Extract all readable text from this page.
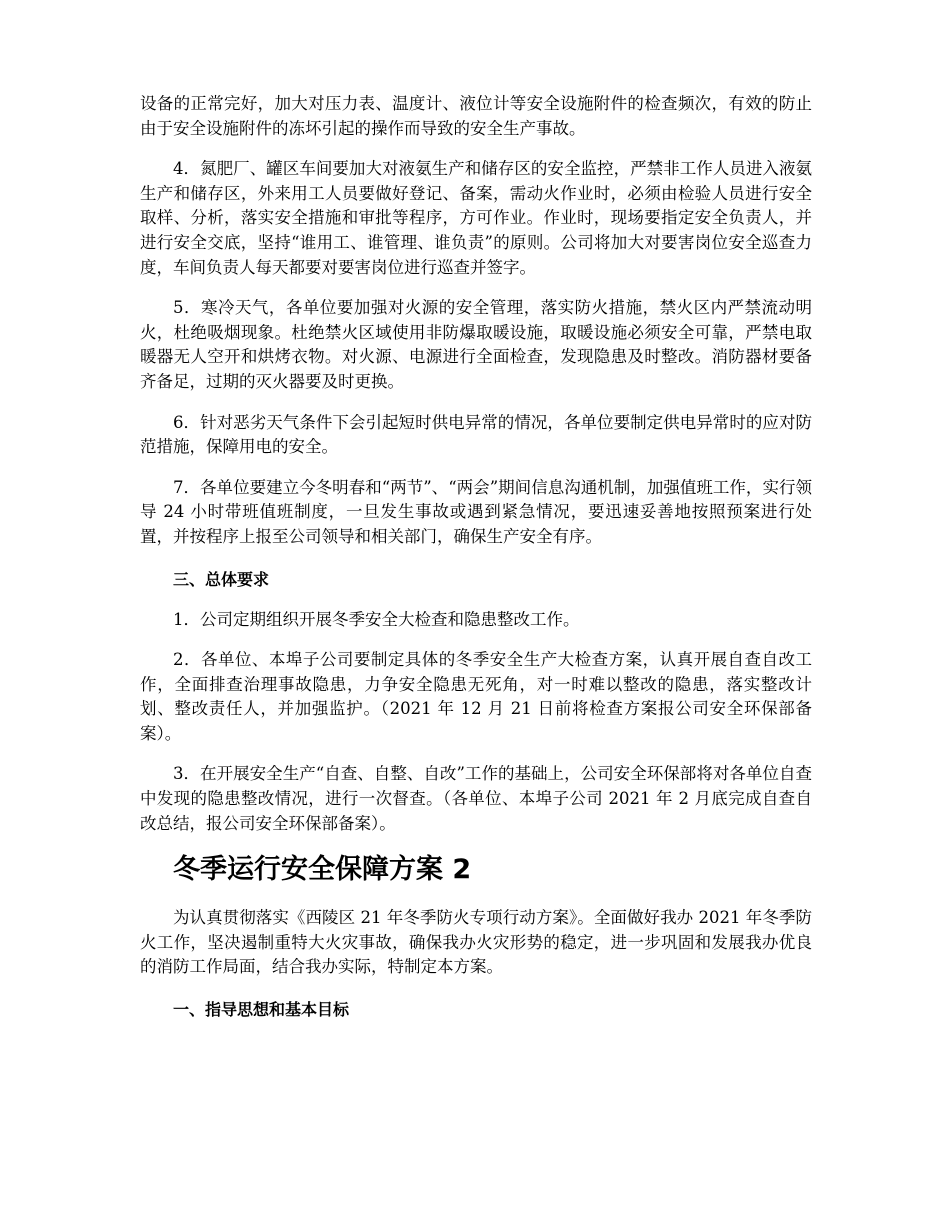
设备的正常完好，加大对压力表、温度计、液位计等安全设施附件的检查频次，有效的防止由于安全设施附件的冻坏引起的操作而导致的安全生产事故。

4．氮肥厂、罐区车间要加大对液氨生产和储存区的安全监控，严禁非工作人员进入液氨生产和储存区，外来用工人员要做好登记、备案，需动火作业时，必须由检验人员进行安全取样、分析，落实安全措施和审批等程序，方可作业。作业时，现场要指定安全负责人，并进行安全交底，坚持“谁用工、谁管理、谁负责”的原则。公司将加大对要害岗位安全巡查力度，车间负责人每天都要对要害岗位进行巡查并签字。

5．寒冷天气，各单位要加强对火源的安全管理，落实防火措施，禁火区内严禁流动明火，杜绝吸烟现象。杜绝禁火区域使用非防爆取暖设施，取暖设施必须安全可靠，严禁电取暖器无人空开和烘烤衣物。对火源、电源进行全面检查，发现隐患及时整改。消防器材要备齐备足，过期的灭火器要及时更换。

6．针对恶劣天气条件下会引起短时供电异常的情况，各单位要制定供电异常时的应对防范措施，保障用电的安全。

7．各单位要建立今冬明春和“两节”、“两会”期间信息沟通机制，加强值班工作，实行领导 24 小时带班值班制度，一旦发生事故或遇到紧急情况，要迅速妥善地按照预案进行处置，并按程序上报至公司领导和相关部门，确保生产安全有序。

三、总体要求

1．公司定期组织开展冬季安全大检查和隐患整改工作。

2．各单位、本埠子公司要制定具体的冬季安全生产大检查方案，认真开展自查自改工作，全面排查治理事故隐患，力争安全隐患无死角，对一时难以整改的隐患，落实整改计划、整改责任人，并加强监护。（2021 年 12 月 21 日前将检查方案报公司安全环保部备案）。

3．在开展安全生产“自查、自整、自改”工作的基础上，公司安全环保部将对各单位自查中发现的隐患整改情况，进行一次督查。（各单位、本埠子公司 2021 年 2 月底完成自查自改总结，报公司安全环保部备案）。

冬季运行安全保障方案 2

为认真贯彻落实《西陵区 21 年冬季防火专项行动方案》。全面做好我办 2021 年冬季防火工作，坚决遏制重特大火灾事故，确保我办火灾形势的稳定，进一步巩固和发展我办优良的消防工作局面，结合我办实际，特制定本方案。

一、指导思想和基本目标
